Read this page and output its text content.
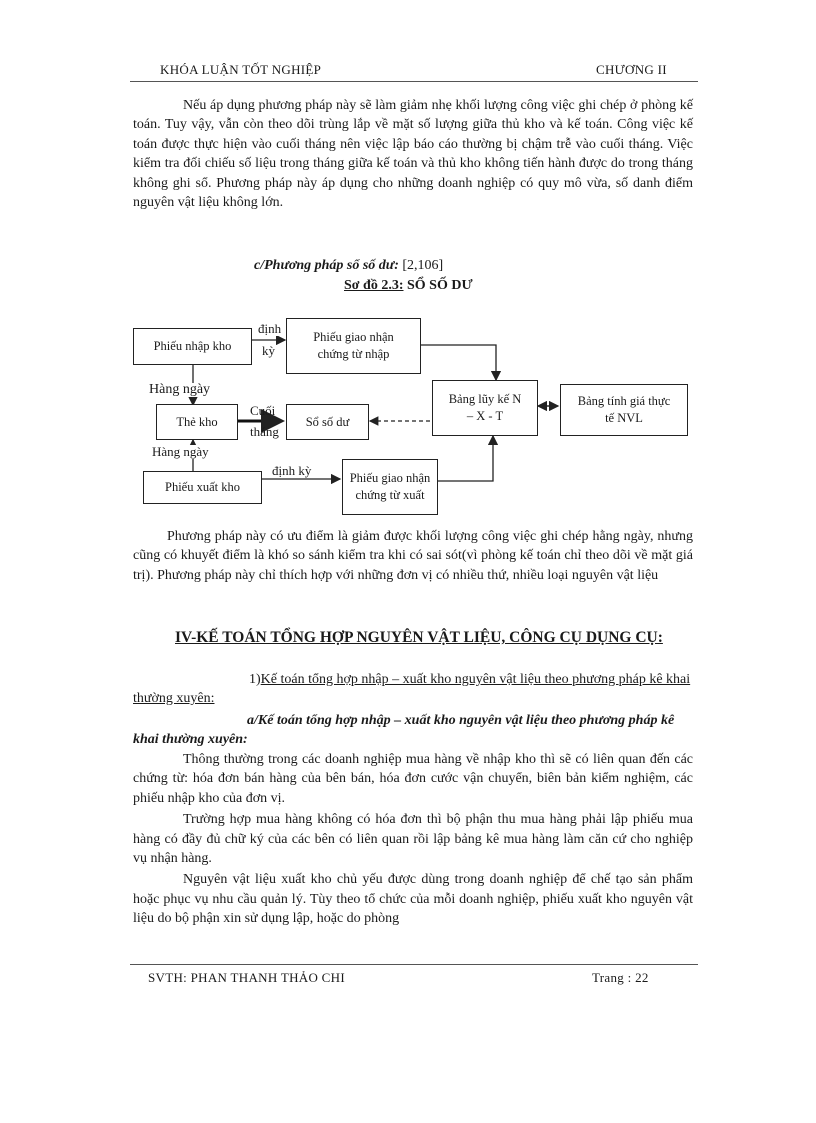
KHÓA LUẬN TỐT NGHIỆP	CHƯƠNG II

Nếu áp dụng phương pháp này sẽ làm giảm nhẹ khối lượng công việc ghi chép ở phòng kế toán. Tuy vậy, vẫn còn theo dõi trùng lắp về mặt số lượng giữa thủ kho và kế toán. Công việc kế toán được thực hiện vào cuối tháng nên việc lập báo cáo thường bị chậm trễ vào cuối tháng. Việc kiểm tra đối chiếu số liệu trong tháng giữa kế toán và thủ kho không tiến hành được do trong tháng không ghi sổ. Phương pháp này áp dụng cho những doanh nghiệp có quy mô vừa, số danh điểm nguyên vật liệu không lớn.

c/Phương pháp sổ số dư: [2,106]
Sơ đồ 2.3: SỔ SỐ DƯ
Phiếu nhập kho
Phiếu giao nhận chứng từ nhập
Thẻ kho	Sổ số dư
Bảng lũy kế N – X - T
Bảng tính giá thực tế NVL
Phiếu xuất kho
Phiếu giao nhận chứng từ xuất
định
kỳ
Hàng ngày
Cuối
tháng
Hàng ngày
định kỳ

Phương pháp này có ưu điểm là giảm được khối lượng công việc ghi chép hằng ngày, nhưng cũng có khuyết điểm là khó so sánh kiểm tra khi có sai sót(vì phòng kế toán chỉ theo dõi về mặt giá trị). Phương pháp này chỉ thích hợp với những đơn vị có nhiều thứ, nhiều loại nguyên vật liệu

IV-KẾ TOÁN TỔNG HỢP NGUYÊN VẬT LIỆU, CÔNG CỤ DỤNG CỤ:
1)Kế toán tổng hợp nhập – xuất kho nguyên vật liệu theo phương pháp kê khai thường xuyên:
a/Kế toán tổng hợp nhập – xuất kho nguyên vật liệu theo phương pháp kê khai thường xuyên:

Thông thường trong các doanh nghiệp mua hàng về nhập kho thì sẽ có liên quan đến các chứng từ: hóa đơn bán hàng của bên bán, hóa đơn cước vận chuyển, biên bản kiểm nghiệm, các phiếu nhập kho của đơn vị.

Trường hợp mua hàng không có hóa đơn thì bộ phận thu mua hàng phải lập phiếu mua hàng có đầy đủ chữ ký của các bên có liên quan rồi lập bảng kê mua hàng làm căn cứ cho nghiệp vụ nhận hàng.

Nguyên vật liệu xuất kho chủ yếu được dùng trong doanh nghiệp để chế tạo sản phẩm hoặc phục vụ nhu cầu quản lý. Tùy theo tổ chức của mỗi doanh nghiệp, phiếu xuất kho nguyên vật liệu do bộ phận xin sử dụng lập, hoặc do phòng

SVTH: PHAN THANH THẢO CHI	Trang : 22
